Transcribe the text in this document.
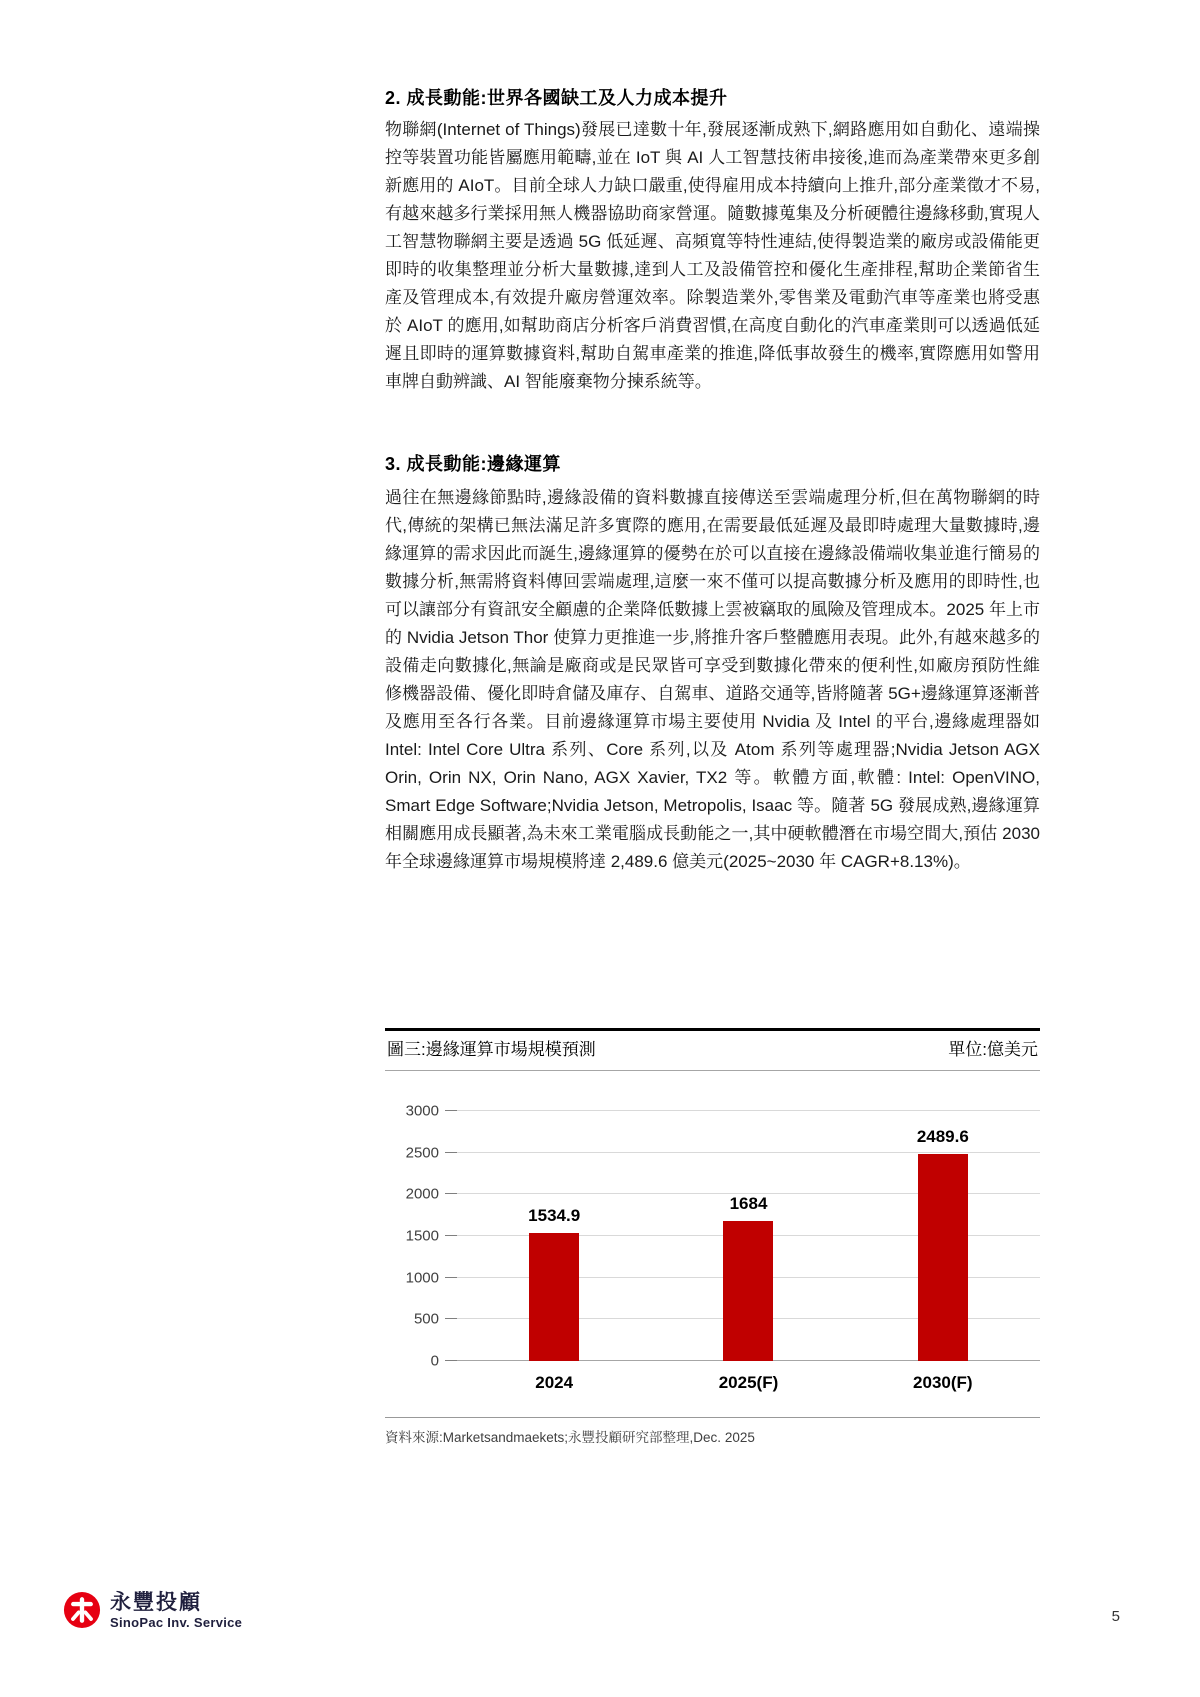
2. 成長動能:世界各國缺工及人力成本提升

物聯網(Internet of Things)發展已達數十年,發展逐漸成熟下,網路應用如自動化、遠端操控等裝置功能皆屬應用範疇,並在 IoT 與 AI 人工智慧技術串接後,進而為產業帶來更多創新應用的 AIoT。目前全球人力缺口嚴重,使得雇用成本持續向上推升,部分產業徵才不易,有越來越多行業採用無人機器協助商家營運。隨數據蒐集及分析硬體往邊緣移動,實現人工智慧物聯網主要是透過 5G 低延遲、高頻寬等特性連結,使得製造業的廠房或設備能更即時的收集整理並分析大量數據,達到人工及設備管控和優化生產排程,幫助企業節省生產及管理成本,有效提升廠房營運效率。除製造業外,零售業及電動汽車等產業也將受惠於 AIoT 的應用,如幫助商店分析客戶消費習慣,在高度自動化的汽車產業則可以透過低延遲且即時的運算數據資料,幫助自駕車產業的推進,降低事故發生的機率,實際應用如警用車牌自動辨識、AI 智能廢棄物分揀系統等。

3. 成長動能:邊緣運算

過往在無邊緣節點時,邊緣設備的資料數據直接傳送至雲端處理分析,但在萬物聯網的時代,傳統的架構已無法滿足許多實際的應用,在需要最低延遲及最即時處理大量數據時,邊緣運算的需求因此而誕生,邊緣運算的優勢在於可以直接在邊緣設備端收集並進行簡易的數據分析,無需將資料傳回雲端處理,這麼一來不僅可以提高數據分析及應用的即時性,也可以讓部分有資訊安全顧慮的企業降低數據上雲被竊取的風險及管理成本。2025 年上市的 Nvidia Jetson Thor 使算力更推進一步,將推升客戶整體應用表現。此外,有越來越多的設備走向數據化,無論是廠商或是民眾皆可享受到數據化帶來的便利性,如廠房預防性維修機器設備、優化即時倉儲及庫存、自駕車、道路交通等,皆將隨著 5G+邊緣運算逐漸普及應用至各行各業。目前邊緣運算市場主要使用 Nvidia 及 Intel 的平台,邊緣處理器如 Intel: Intel Core Ultra 系列、Core 系列,以及 Atom 系列等處理器;Nvidia Jetson AGX Orin, Orin NX, Orin Nano, AGX Xavier, TX2 等。軟體方面,軟體: Intel: OpenVINO, Smart Edge Software;Nvidia Jetson, Metropolis, Isaac 等。隨著 5G 發展成熟,邊緣運算相關應用成長顯著,為未來工業電腦成長動能之一,其中硬軟體潛在市場空間大,預估 2030 年全球邊緣運算市場規模將達 2,489.6 億美元(2025~2030 年 CAGR+8.13%)。

圖三:邊緣運算市場規模預測	單位:億美元
0
500
1000
1500
2000
2500
3000
1534.9
1684
2489.6
2024	2025(F)	2030(F)
資料來源:Marketsandmaekets;永豐投顧研究部整理,Dec. 2025
永豐投顧
SinoPac Inv. Service	5
